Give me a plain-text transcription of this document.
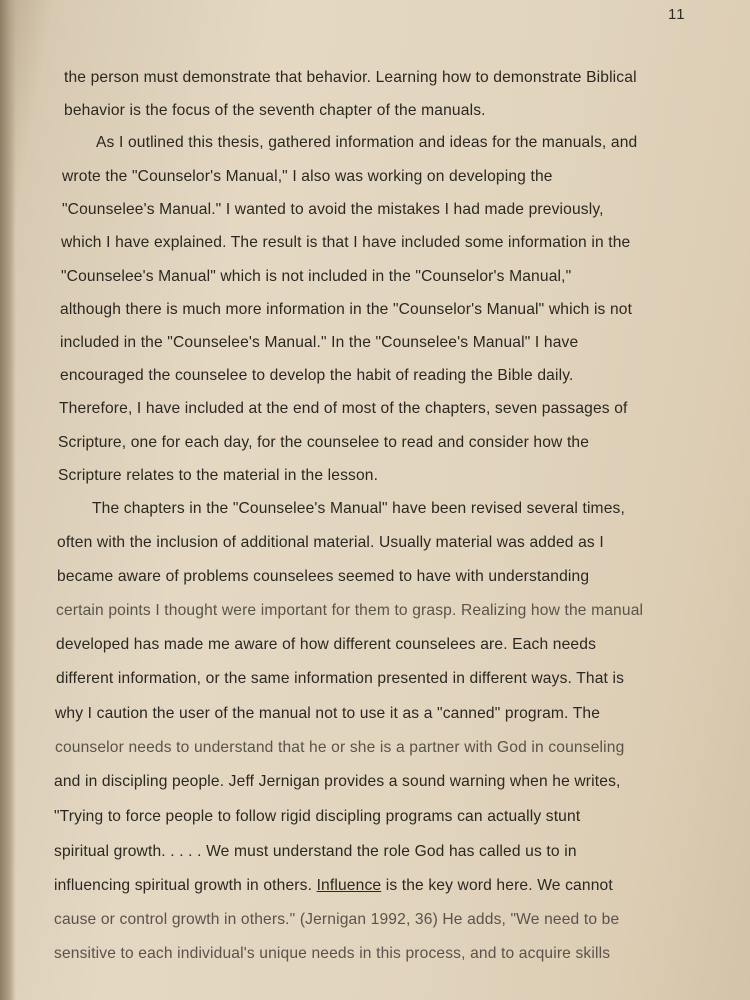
11
the person must demonstrate that behavior. Learning how to demonstrate Biblical
behavior is the focus of the seventh chapter of the manuals.
As I outlined this thesis, gathered information and ideas for the manuals, and
wrote the "Counselor's Manual," I also was working on developing the
"Counselee's Manual." I wanted to avoid the mistakes I had made previously,
which I have explained. The result is that I have included some information in the
"Counselee's Manual" which is not included in the "Counselor's Manual,"
although there is much more information in the "Counselor's Manual" which is not
included in the "Counselee's Manual." In the "Counselee's Manual" I have
encouraged the counselee to develop the habit of reading the Bible daily.
Therefore, I have included at the end of most of the chapters, seven passages of
Scripture, one for each day, for the counselee to read and consider how the
Scripture relates to the material in the lesson.
The chapters in the "Counselee's Manual" have been revised several times,
often with the inclusion of additional material. Usually material was added as I
became aware of problems counselees seemed to have with understanding
certain points I thought were important for them to grasp. Realizing how the manual
developed has made me aware of how different counselees are. Each needs
different information, or the same information presented in different ways. That is
why I caution the user of the manual not to use it as a "canned" program. The
counselor needs to understand that he or she is a partner with God in counseling
and in discipling people. Jeff Jernigan provides a sound warning when he writes,
"Trying to force people to follow rigid discipling programs can actually stunt
spiritual growth. . . . . We must understand the role God has called us to in
influencing spiritual growth in others. Influence is the key word here. We cannot
cause or control growth in others." (Jernigan 1992, 36) He adds, "We need to be
sensitive to each individual's unique needs in this process, and to acquire skills
